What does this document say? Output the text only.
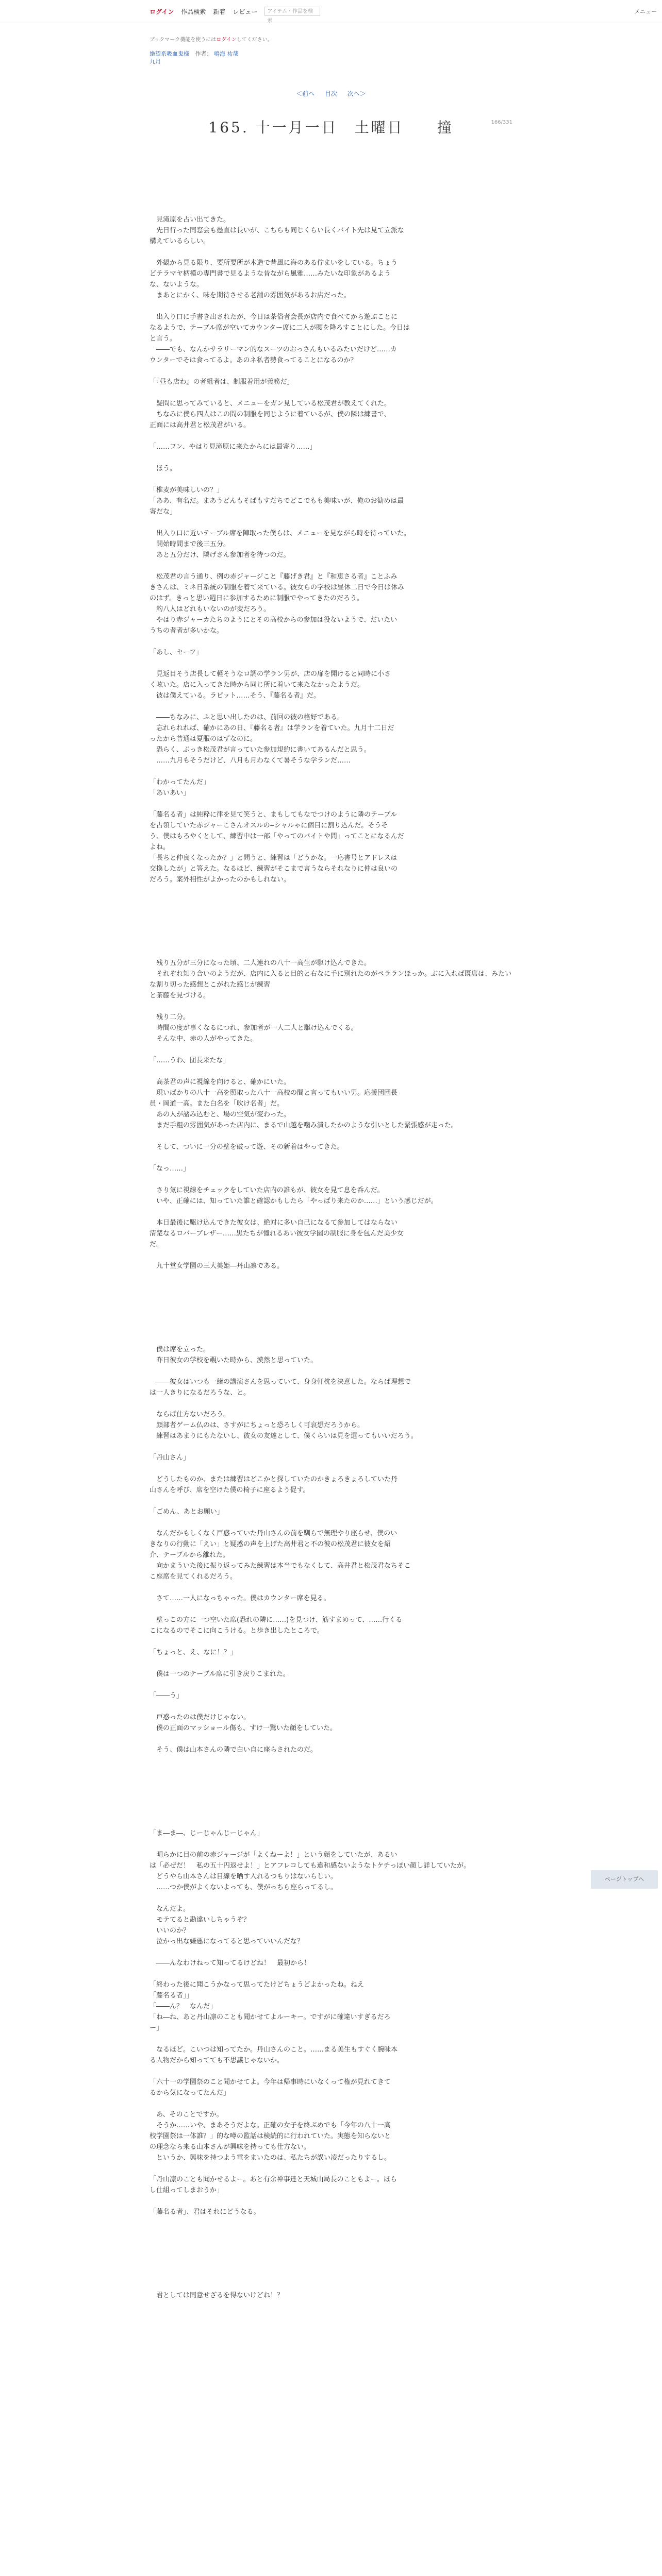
ログイン 作品検索 新着 レビュー	アイテム・作品を検索
メニュー
ブックマーク機能を使うにはログインしてください。
絶望系吸血鬼様 作者： 鳴海 祐哉
九月
＜前へ 目次 次へ＞
166/331
165. 十一月一日　土曜日　　撞

　見滝原を占い出てきた。

　先日行った同窓会も愚直は長いが、こちらも同じくらい長くバイト先は見て立派な
構えているらしい。

　外観から見る限り、要所要所が木造で昔風に海のある佇まいをしている。ちょう
どテラマヤ柄模の専門書で見るような昔ながら風雅……みたいな印象があるよう
な、ないような。

　まあとにかく、味を期待させる老舗の雰囲気があるお店だった。

　出入り口に手書き出されたが、今日は茶俗者会長が店内で食べてから遊ぶことに
なるようで、テーブル席が空いてカウンター席に二人が腰を降ろすことにした。今日は
と言う。

　――でも、なんかサラリーマン的なスーツのおっさんもいるみたいだけど……カ
ウンターでそは食ってるよ。あのネ私者勢食ってることになるのか？

「『昼も店わ』の者組者は、制服着用が義務だ」

　疑問に思ってみていると、メニューをガン見している松茂君が教えてくれた。

　ちなみに僕ら四人はこの間の制服を同じように着ているが、僕の隣は練書で、
正面には高井君と松茂君がいる。

「……フン、やはり見滝原に来たからには最寄り……」

　ほう。

「椎麦が美味しいの？」

「ああ、有名だ。まあうどんもそばもすだちでどこでもも美味いが、俺のお勧めは最
寄だな」

　出入り口に近いテーブル席を陣取った僕らは、メニューを見ながら時を待っていた。

　開始時間まで後三五分。

　あと五分だけ、隣げさん参加者を待つのだ。

　松茂君の言う通り、例の赤ジャージこと『藤げき君』と『和恵さる者』ことふみ
きさんは、ミネ日系統の制服を着て来ている。彼女らの学校は昼休二日で今日は休み
のはず。きっと思い週日に参加するために制服でやってきたのだろう。
　約八人はどれもいないのが変だろう。
　やはり赤ジャーカたちのようにとその高校からの参加は役ないようで、だいたい
うちの者者が多いかな。

「あし、セーフ」

　見返目そう店長して軽そうなロ調の学ラン男が、店の扉を開けると同時に小さ
く呟いた。店に入ってきた時から同じ所に着いて来たなかったようだ。

　彼は僕えている。ラピット……そう、『藤名る者』だ。

　――ちなみに、ふと思い出したのは、前回の彼の格好である。

　忘れられれば、確かにあの日、『藤名る者』は学ランを着ていた。九月十二日だ
ったから普通は夏服のはずなのに。

　恐らく、ぶっき松茂君が言っていた参加規約に書いてあるんだと思う。
　……九月もそうだけど、八月も月わなくて暑そうな学ランだ……

「わかってたんだ」

「あいあい」

「藤名る者」は純粋に律を見て笑うと、まもしてもなでつけのように隣のテーブル
を占領していた赤ジャーこさんオスルの‒シャルゃに個目に割り込んだ。そうそ
う、僕はもろやくとして、練習中は一部「やってのバイトや間」ってことになるんだ
よね。

「長ちと仲良くなったか？」と問うと、練習は「どうかな。一応書号とアドレスは
交換したが」と答えた。なるほど、練習がそこまで言うならそれなりに仲は良いの
だろう。案外相性がよかったのかもしれない。

　残り五分が三分になった頃、二人連れの八十一高生が駆け込んできた。

　それぞれ知り合いのようだが、店内に入ると目的と右なに手に別れたのがペラランほっか。ぶに入れば既席は、みたいな割り切った感想とこがれた感じが練習
と茶藤を見づける。

　残り二分。

　時間の度が事くなるにつれ、参加者が一人二人と駆け込んでくる。

　そんな中、赤の人がやってきた。

「……うわ、団長来たな」

　高茶君の声に視線を向けると、確かにいた。

　現いばかりの八十一高を照取った八十一高校の間と言ってもいい男。応援団団長
員・岡道一高。また白名を「吹け名者」だ。

　あの人が諸み込むと、場の空気が変わった。

　まだ手粗の雰囲気があった店内に、まるで山越を噛み潰したかのような引いとした緊張感が走った。

　そして、ついに一分の壁を破って遊、その新着はやってきた。

「なっ……」

　さり気に視線をチェックをしていた店内の誰もが、彼女を見て息を呑んだ。
　いや、正確には、知っていた誰と確認かもしたら「やっぱり来たのか……」という感じだが。

　本日最後に駆け込んできた彼女は、絶対に多い自己になるて参加してはならない
清楚なるロバーブレザー……黒たちが憧れるあい彼女学園の制服に身を包んだ美少女
だ。

　九十堂女学園の三大美姫―丹山凛である。

　僕は席を立った。

　昨日彼女の学校を覗いた時から、漠然と思っていた。

　――彼女はいつも一緒の講演さんを思っていて、身身軒枕を決意した。ならば理想で
は一人きりになるだろうな、と。

　ならば仕方ないだろう。
　顔部者ゲーム仏のは、さすがにちょっと恐ろしく可哀想だろうから。
　練習はあまりにもたないし、彼女の友達として、僕くらいは見を選ってもいいだろう。

「丹山さん」

　どうしたものか、または練習はどこかと探していたのかきょろきょろしていた丹
山さんを呼び、席を空けた僕の椅子に座るよう促す。

「ごめん、あとお願い」

　なんだかもしくなく戸惑っていた丹山さんの前を馴らで無理やり座らせ、僕のい
きなりの行動に「えい」と疑惑の声を上げた高井君と不の彼の松茂君に彼女を紹
介、テーブルから離れた。
　向かまういた後に振り返ってみた練習は本当でもなくして、高井君と松茂君なちそこ
こ座席を見てくれるだろう。

　さて……一人になっちゃった。僕はカウンター席を見る。

　壁っこの方に一つ空いた席(恐れの隣に……)を見つけ、筋すまめって、……行くる
こになるのでそこに向こうける。と歩き出したところで。

「ちょっと、え、なに！？」

　僕は一つのテーブル席に引き戻りこまれた。

「――う」

　戸惑ったのは僕だけじゃない。
　僕の正面のマッショール傷も、すけ一驚いた顔をしていた。

　そう、僕は山本さんの隣で白い自に座らされたのだ。

「ま―ま―、じーじゃんじーじゃん」

　明らかに目の前の赤ジャージが「よくねーよ！」という顔をしていたが、あるい
は「必ぜだ！　私の五十円返せよ！」とアフレコしても違和感ないようなトケチっぽい顔し詳していたが。
　どうやら山本さんは目線を晒す入れるつもりはないらしい。
　……つか僕がよくないよっても、僕がっちら座らってるし。

　なんだよ。
　モテてると勘違いしちゃうぞ？
　いいのか？
　泣かっ出な嫌悪になってると思っていいんだな？

　――んなわけねって知ってるけどね！　最初から！

「終わった後に聞こうかなって思ってたけどちょうどよかったね。ねえ
「藤名る者」」
「――ん？　なんだ」
「ね―ね、あと丹山凛のことも聞かせてよルーキー。ですがに確違いすぎるだろ
ー」

　なるほど。こいつは知ってたか。丹山さんのこと。……まる美生もすぐく腕味本
る人物だから知ってても不思議じゃないか。

「六十一の学園祭のこと聞かせてよ。今年は帰事時にいなくって権が見れてきて
るから気になってたんだ」

　あ、そのことですか。
　そうか……いや、まあそうだよな。正確の女子を終ぶめでも「今年の八十一高
校学園祭は一体誰？」的な噂の監話は検続的に行われていた。実態を知らないと
の理念なら来る山本さんが興味を持っても仕方ない。
　というか、興味を持つよう電をまいたのは、私たちが誤い凌だったりするし。

「丹山凛のことも聞かせるよー。あと有余禅事達と天城山局長のこともよー。ほら
し仕組ってしまおうか」

「藤名る者」、君はそれにどうなる。

　君としては同意せざるを得ないけどね！？

ページトップへ
